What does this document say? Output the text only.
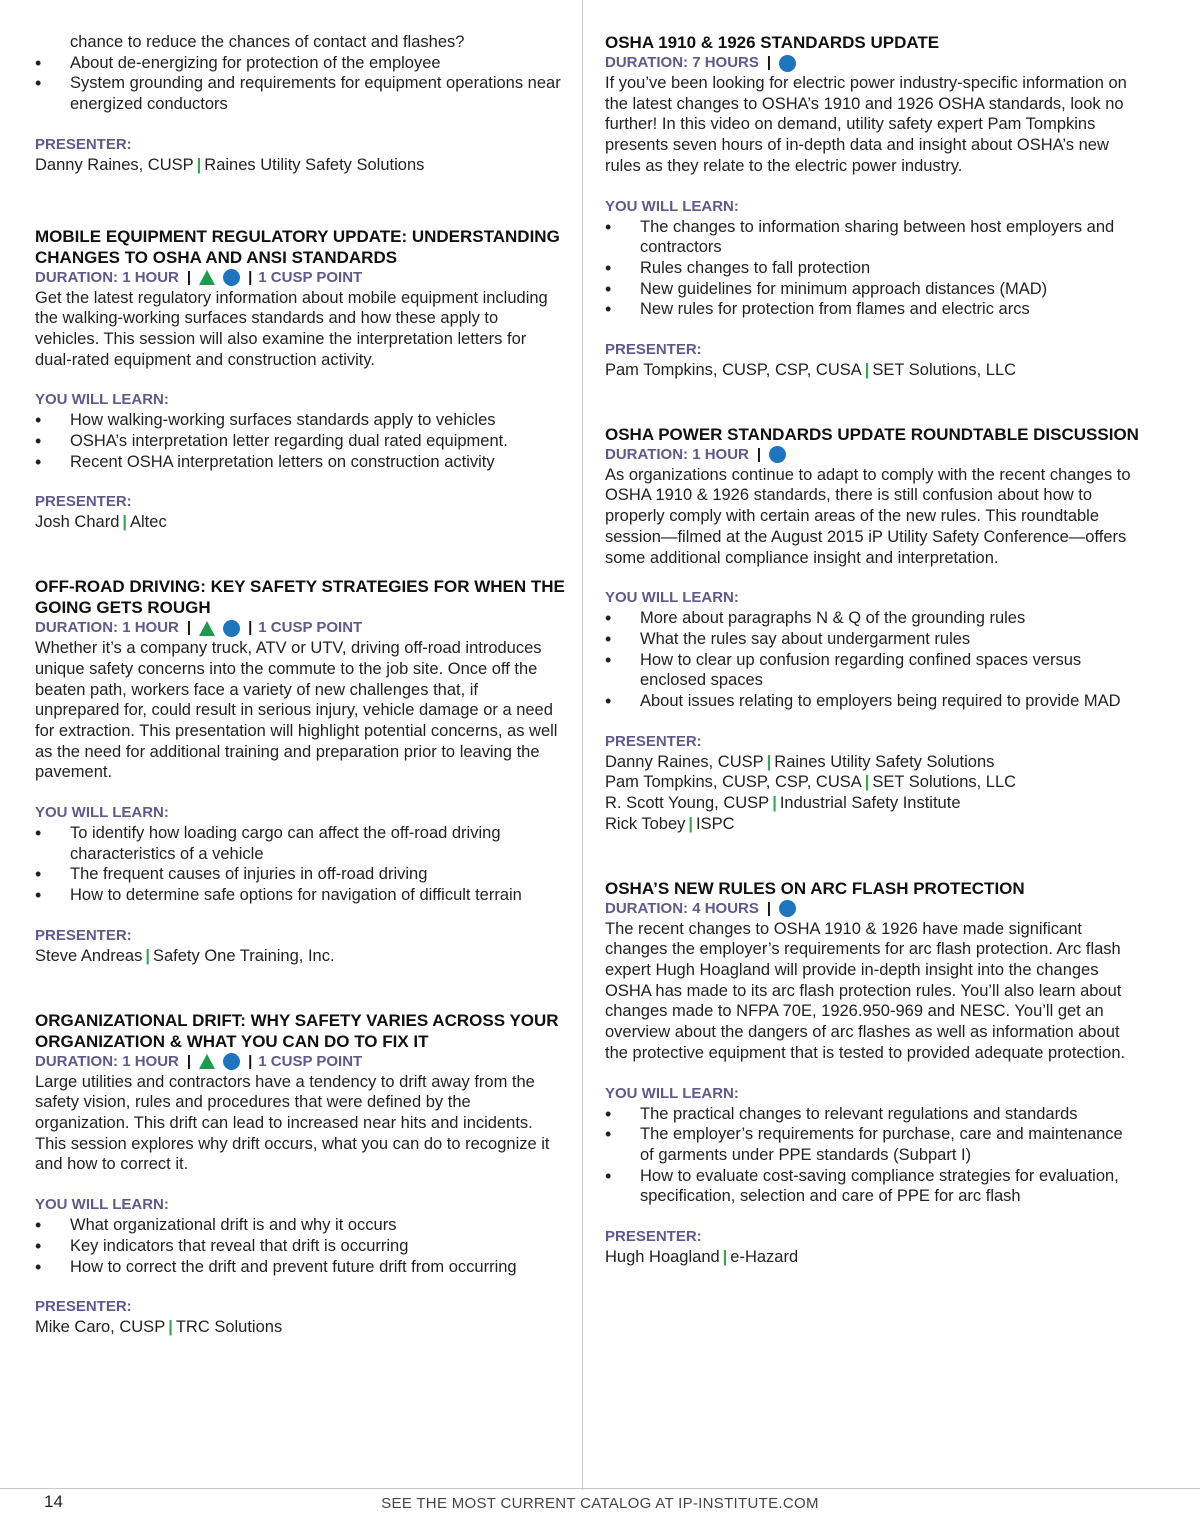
chance to reduce the chances of contact and flashes?
• About de-energizing for protection of the employee
• System grounding and requirements for equipment operations near energized conductors
PRESENTER:
Danny Raines, CUSP | Raines Utility Safety Solutions
MOBILE EQUIPMENT REGULATORY UPDATE: UNDERSTANDING CHANGES TO OSHA AND ANSI STANDARDS
DURATION: 1 HOUR |	| 1 CUSP POINT
Get the latest regulatory information about mobile equipment including the walking-working surfaces standards and how these apply to vehicles. This session will also examine the interpretation letters for dual-rated equipment and construction activity.
YOU WILL LEARN:
• How walking-working surfaces standards apply to vehicles
• OSHA’s interpretation letter regarding dual rated equipment.
• Recent OSHA interpretation letters on construction activity
PRESENTER:
Josh Chard | Altec
OFF-ROAD DRIVING: KEY SAFETY STRATEGIES FOR WHEN THE GOING GETS ROUGH
DURATION: 1 HOUR |	| 1 CUSP POINT
Whether it’s a company truck, ATV or UTV, driving off-road introduces unique safety concerns into the commute to the job site. Once off the beaten path, workers face a variety of new challenges that, if unprepared for, could result in serious injury, vehicle damage or a need for extraction. This presentation will highlight potential concerns, as well as the need for additional training and preparation prior to leaving the pavement.
YOU WILL LEARN:
• To identify how loading cargo can affect the off-road driving characteristics of a vehicle
• The frequent causes of injuries in off-road driving
• How to determine safe options for navigation of difficult terrain
PRESENTER:
Steve Andreas | Safety One Training, Inc.
ORGANIZATIONAL DRIFT: WHY SAFETY VARIES ACROSS YOUR ORGANIZATION & WHAT YOU CAN DO TO FIX IT
DURATION: 1 HOUR |	| 1 CUSP POINT
Large utilities and contractors have a tendency to drift away from the safety vision, rules and procedures that were defined by the organization. This drift can lead to increased near hits and incidents. This session explores why drift occurs, what you can do to recognize it and how to correct it.
YOU WILL LEARN:
• What organizational drift is and why it occurs
• Key indicators that reveal that drift is occurring
• How to correct the drift and prevent future drift from occurring
PRESENTER:
Mike Caro, CUSP | TRC Solutions
OSHA 1910 & 1926 STANDARDS UPDATE
DURATION: 7 HOURS |
If you’ve been looking for electric power industry-specific information on the latest changes to OSHA’s 1910 and 1926 OSHA standards, look no further! In this video on demand, utility safety expert Pam Tompkins presents seven hours of in-depth data and insight about OSHA’s new rules as they relate to the electric power industry.
YOU WILL LEARN:
• The changes to information sharing between host employers and contractors
• Rules changes to fall protection
• New guidelines for minimum approach distances (MAD)
• New rules for protection from flames and electric arcs
PRESENTER:
Pam Tompkins, CUSP, CSP, CUSA | SET Solutions, LLC
OSHA POWER STANDARDS UPDATE ROUNDTABLE DISCUSSION
DURATION: 1 HOUR |
As organizations continue to adapt to comply with the recent changes to OSHA 1910 & 1926 standards, there is still confusion about how to properly comply with certain areas of the new rules. This roundtable session—filmed at the August 2015 iP Utility Safety Conference—offers some additional compliance insight and interpretation.
YOU WILL LEARN:
• More about paragraphs N & Q of the grounding rules
• What the rules say about undergarment rules
• How to clear up confusion regarding confined spaces versus enclosed spaces
• About issues relating to employers being required to provide MAD
PRESENTER:
Danny Raines, CUSP | Raines Utility Safety Solutions
Pam Tompkins, CUSP, CSP, CUSA | SET Solutions, LLC
R. Scott Young, CUSP | Industrial Safety Institute
Rick Tobey | ISPC
OSHA’S NEW RULES ON ARC FLASH PROTECTION
DURATION: 4 HOURS |
The recent changes to OSHA 1910 & 1926 have made significant changes the employer’s requirements for arc flash protection. Arc flash expert Hugh Hoagland will provide in-depth insight into the changes OSHA has made to its arc flash protection rules. You’ll also learn about changes made to NFPA 70E, 1926.950-969 and NESC. You’ll get an overview about the dangers of arc flashes as well as information about the protective equipment that is tested to provided adequate protection.
YOU WILL LEARN:
• The practical changes to relevant regulations and standards
• The employer’s requirements for purchase, care and maintenance of garments under PPE standards (Subpart I)
• How to evaluate cost-saving compliance strategies for evaluation, specification, selection and care of PPE for arc flash
PRESENTER:
Hugh Hoagland | e-Hazard
14	SEE THE MOST CURRENT CATALOG AT IP-INSTITUTE.COM
